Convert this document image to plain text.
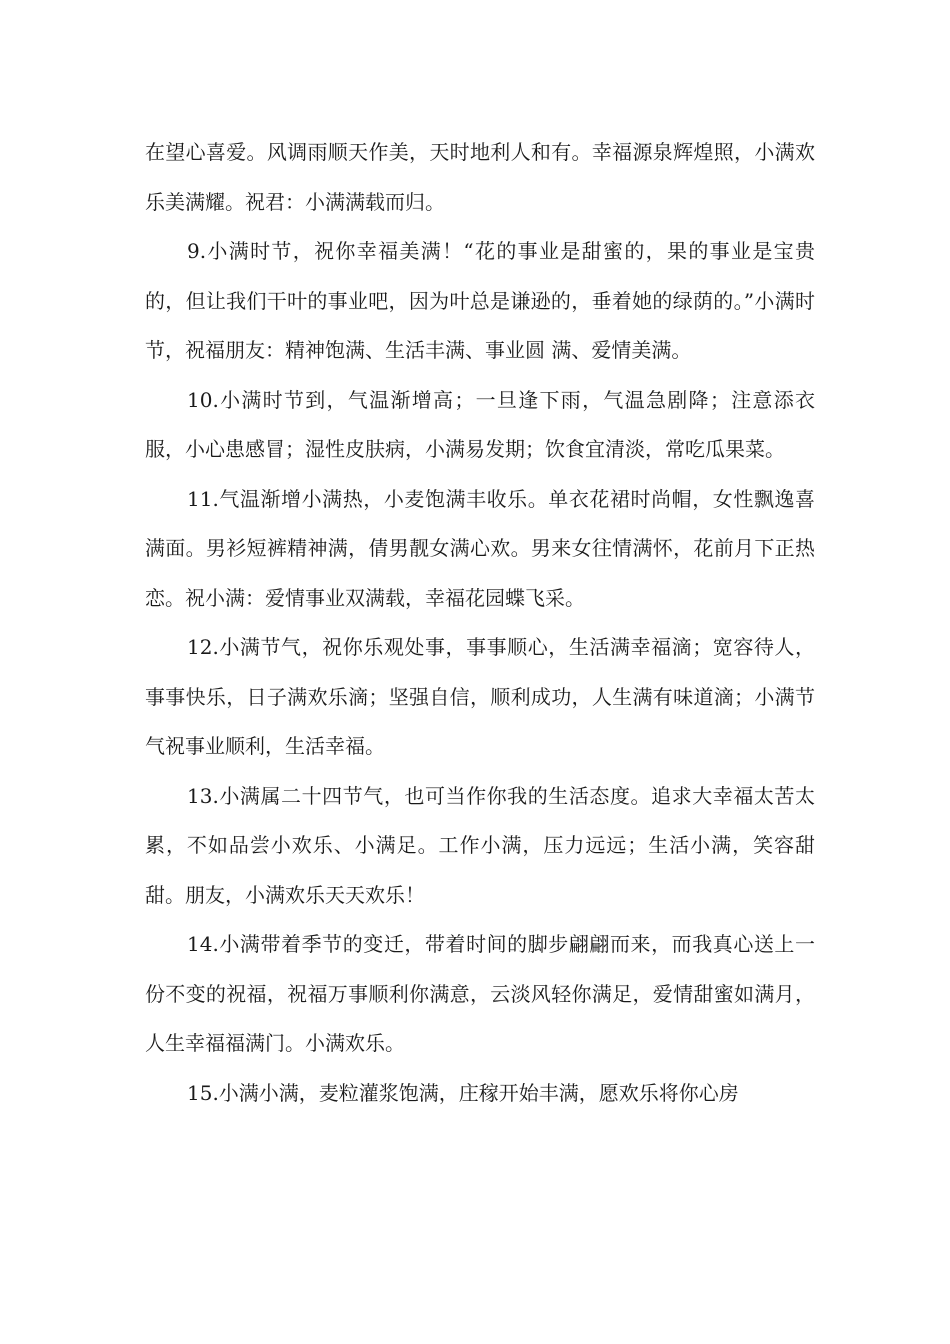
在望心喜爱。风调雨顺天作美，天时地利人和有。幸福源泉辉煌照，小满欢乐美满耀。祝君：小满满载而归。

9.小满时节，祝你幸福美满！“花的事业是甜蜜的，果的事业是宝贵的，但让我们干叶的事业吧，因为叶总是谦逊的，垂着她的绿荫的。”小满时节，祝福朋友：精神饱满、生活丰满、事业圆 满、爱情美满。

10.小满时节到，气温渐增高；一旦逢下雨，气温急剧降；注意添衣服，小心患感冒；湿性皮肤病，小满易发期；饮食宜清淡，常吃瓜果菜。

11.气温渐增小满热，小麦饱满丰收乐。单衣花裙时尚帽，女性飘逸喜满面。男衫短裤精神满，倩男靓女满心欢。男来女往情满怀，花前月下正热恋。祝小满：爱情事业双满载，幸福花园蝶飞采。

12.小满节气，祝你乐观处事，事事顺心，生活满幸福滴；宽容待人，事事快乐，日子满欢乐滴；坚强自信，顺利成功，人生满有味道滴；小满节气祝事业顺利，生活幸福。

13.小满属二十四节气，也可当作你我的生活态度。追求大幸福太苦太累，不如品尝小欢乐、小满足。工作小满，压力远远；生活小满，笑容甜甜。朋友，小满欢乐天天欢乐！

14.小满带着季节的变迁，带着时间的脚步翩翩而来，而我真心送上一份不变的祝福，祝福万事顺利你满意，云淡风轻你满足，爱情甜蜜如满月，人生幸福福满门。小满欢乐。

15.小满小满，麦粒灌浆饱满，庄稼开始丰满，愿欢乐将你心房
